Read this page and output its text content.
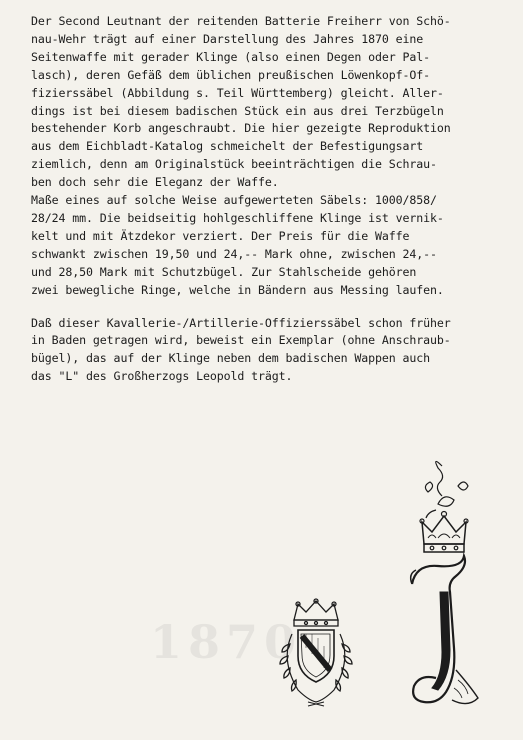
1870
Der Second Leutnant der reitenden Batterie Freiherr von Schö-
nau-Wehr trägt auf einer Darstellung des Jahres 1870 eine
Seitenwaffe mit gerader Klinge (also einen Degen oder Pal-
lasch), deren Gefäß dem üblichen preußischen Löwenkopf-Of-
fizierssäbel (Abbildung s. Teil Württemberg) gleicht. Aller-
dings ist bei diesem badischen Stück ein aus drei Terzbügeln
bestehender Korb angeschraubt. Die hier gezeigte Reproduktion
aus dem Eichbladt-Katalog schmeichelt der Befestigungsart
ziemlich, denn am Originalstück beeinträchtigen die Schrau-
ben doch sehr die Eleganz der Waffe.
Maße eines auf solche Weise aufgewerteten Säbels: 1000/858/
28/24 mm. Die beidseitig hohlgeschliffene Klinge ist vernik-
kelt und mit Ätzdekor verziert. Der Preis für die Waffe
schwankt zwischen 19,50 und 24,-- Mark ohne, zwischen 24,--
und 28,50 Mark mit Schutzbügel. Zur Stahlscheide gehören
zwei bewegliche Ringe, welche in Bändern aus Messing laufen.
Daß dieser Kavallerie-/Artillerie-Offizierssäbel schon früher
in Baden getragen wird, beweist ein Exemplar (ohne Anschraub-
bügel), das auf der Klinge neben dem badischen Wappen auch
das "L" des Großherzogs Leopold trägt.
L
